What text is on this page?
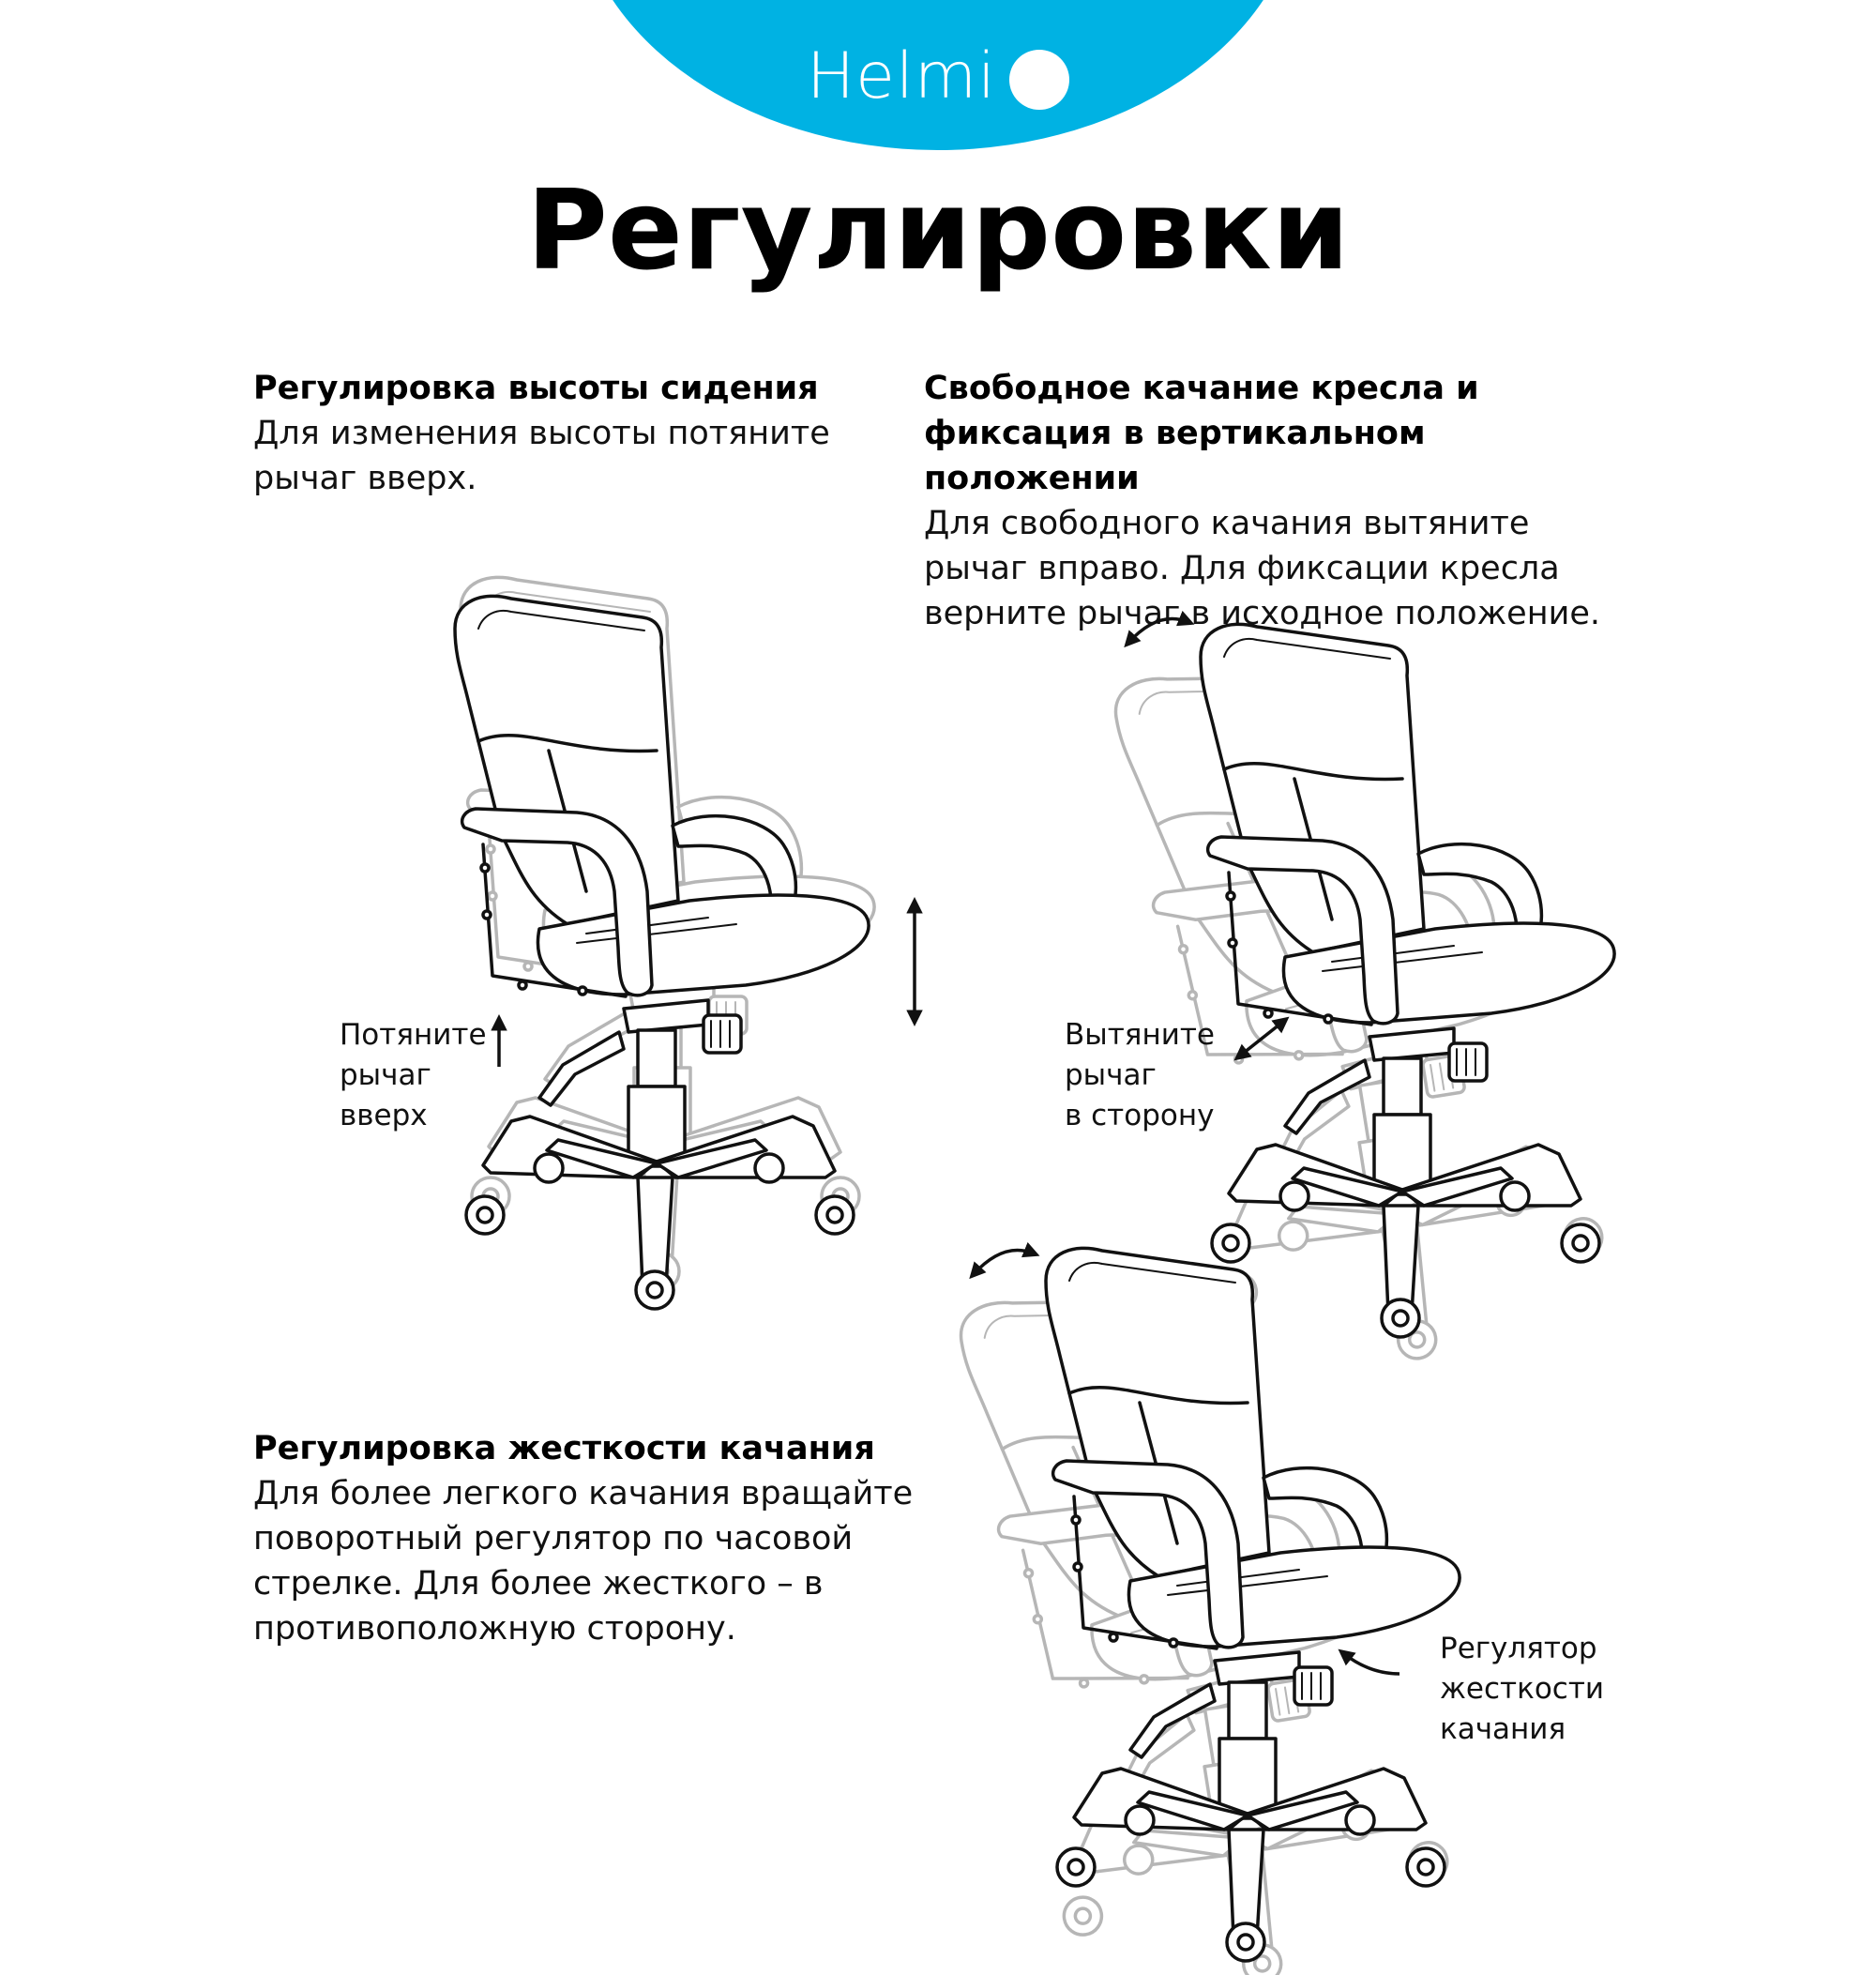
Helmi
Регулировки
Регулировка высоты сидения

Для изменения высоты потяните рычаг вверх.

Свободное качание кресла и фиксация в вертикальном положении

Для свободного качания вытяните рычаг вправо. Для фиксации кресла верните рычаг в исходное положение.

Регулировка жесткости качания

Для более легкого качания вращайте поворотный регулятор по часовой стрелке. Для более жесткого – в противоположную сторону.

Потяните
рычаг
вверх
Вытяните
рычаг
в сторону
Регулятор
жесткости
качания
